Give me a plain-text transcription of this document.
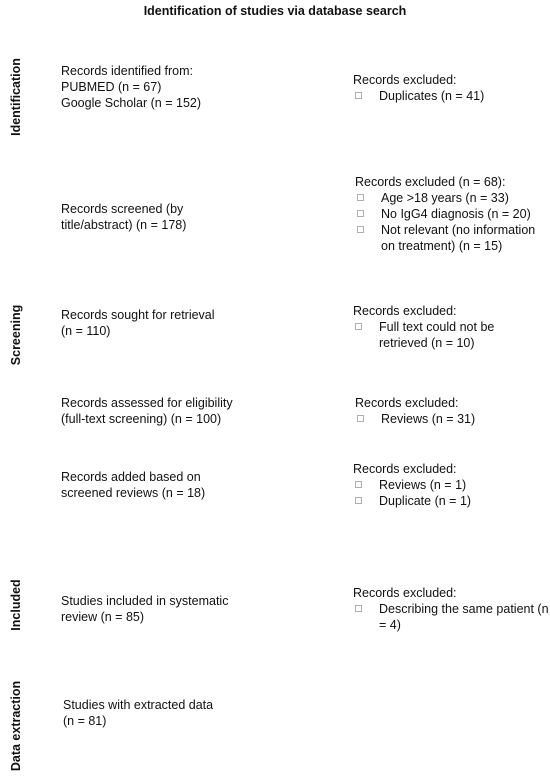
Identification of studies via database search
Identification
Screening
Included
Data extraction
Records identified from:
PUBMED (n = 67)
Google Scholar (n = 152)
Records screened (by
title/abstract) (n = 178)
Records sought for retrieval
(n = 110)
Records assessed for eligibility
(full-text screening) (n = 100)
Records added based on
screened reviews (n = 18)
Studies included in systematic
review (n = 85)
Studies with extracted data
(n = 81)
Records excluded:
Duplicates (n = 41)
Records excluded (n = 68):
Age >18 years (n = 33)
No IgG4 diagnosis (n = 20)
Not relevant (no information on treatment) (n = 15)
Records excluded:
Full text could not be retrieved (n = 10)
Records excluded:
Reviews (n = 31)
Records excluded:
Reviews (n = 1)
Duplicate (n = 1)
Records excluded:
Describing the same patient (n = 4)
